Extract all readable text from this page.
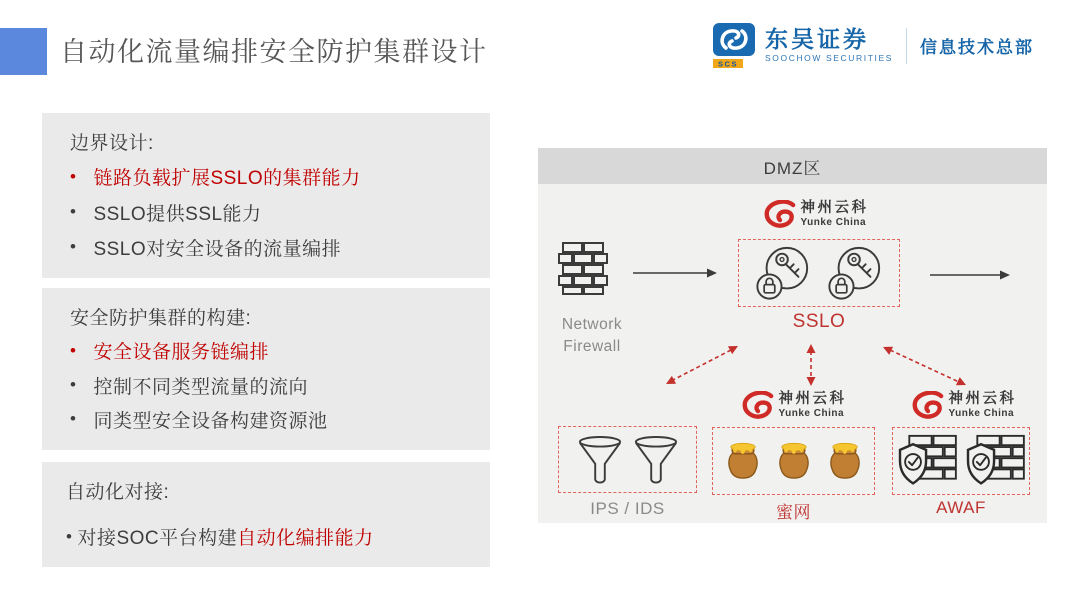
自动化流量编排安全防护集群设计	SCS
东吴证券
SOOCHOW SECURITIES
信息技术总部
边界设计:
• 链路负载扩展SSLO的集群能力
• SSLO提供SSL能力
• SSLO对安全设备的流量编排
安全防护集群的构建:
• 安全设备服务链编排
• 控制不同类型流量的流向
• 同类型安全设备构建资源池
自动化对接:
• 对接SOC平台构建 自动化编排能力
DMZ区
Network
Firewall
神州云科
Yunke China
SSLO
IPS / IDS
神州云科
Yunke China
蜜网
神州云科
Yunke China
AWAF
